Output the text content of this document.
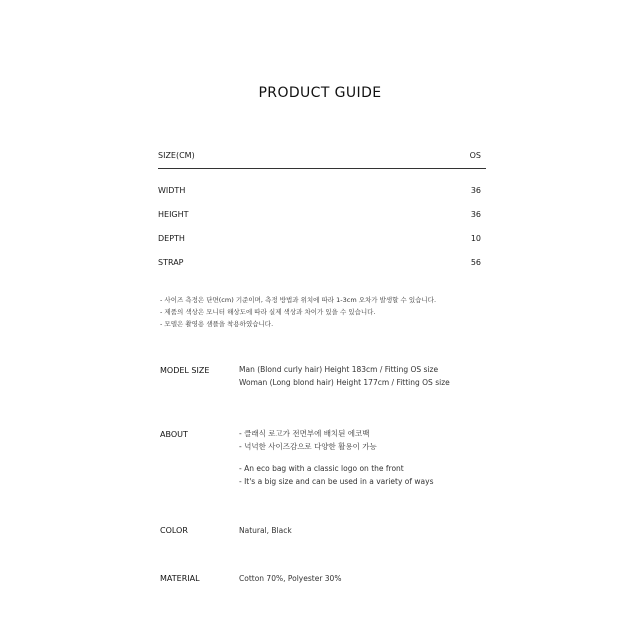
PRODUCT GUIDE
SIZE(CM)	OS
WIDTH	36
HEIGHT	36
DEPTH	10
STRAP	56
- 사이즈 측정은 단면(cm) 기준이며, 측정 방법과 위치에 따라 1-3cm 오차가 발생할 수 있습니다.
- 제품의 색상은 모니터 해상도에 따라 실제 색상과 차이가 있을 수 있습니다.
- 모델은 촬영용 샘플을 착용하였습니다.
MODEL SIZE	Man (Blond curly hair) Height 183cm / Fitting OS size
Woman (Long blond hair) Height 177cm / Fitting OS size
ABOUT	- 클래식 로고가 전면부에 배치된 에코백
- 넉넉한 사이즈감으로 다양한 활용이 가능
- An eco bag with a classic logo on the front
- It's a big size and can be used in a variety of ways
COLOR	Natural, Black
MATERIAL	Cotton 70%, Polyester 30%
